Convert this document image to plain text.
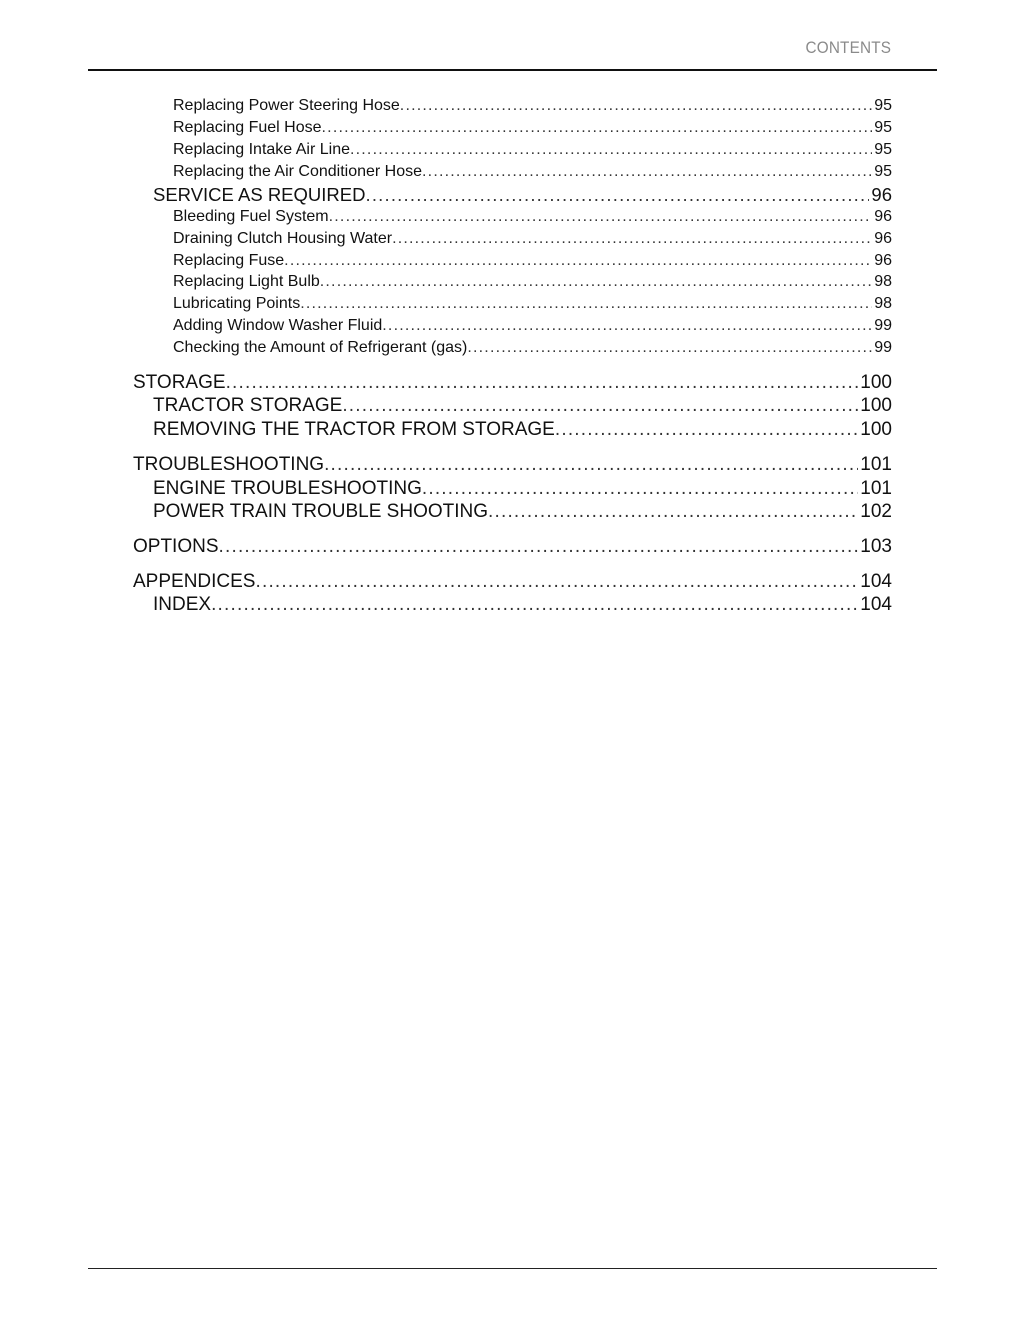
CONTENTS
Replacing Power Steering Hose .....	95
Replacing Fuel Hose .....	95
Replacing Intake Air Line .....	95
Replacing the Air Conditioner Hose .....	95
SERVICE AS REQUIRED .....	96
Bleeding Fuel System .....	96
Draining Clutch Housing Water .....	96
Replacing Fuse .....	96
Replacing Light Bulb .....	98
Lubricating Points .....	98
Adding Window Washer Fluid .....	99
Checking the Amount of Refrigerant (gas) .....	99
STORAGE .....	100
TRACTOR STORAGE .....	100
REMOVING THE TRACTOR FROM STORAGE .....	100
TROUBLESHOOTING .....	101
ENGINE TROUBLESHOOTING .....	101
POWER TRAIN TROUBLE SHOOTING .....	102
OPTIONS .....	103
APPENDICES .....	104
INDEX .....	104
